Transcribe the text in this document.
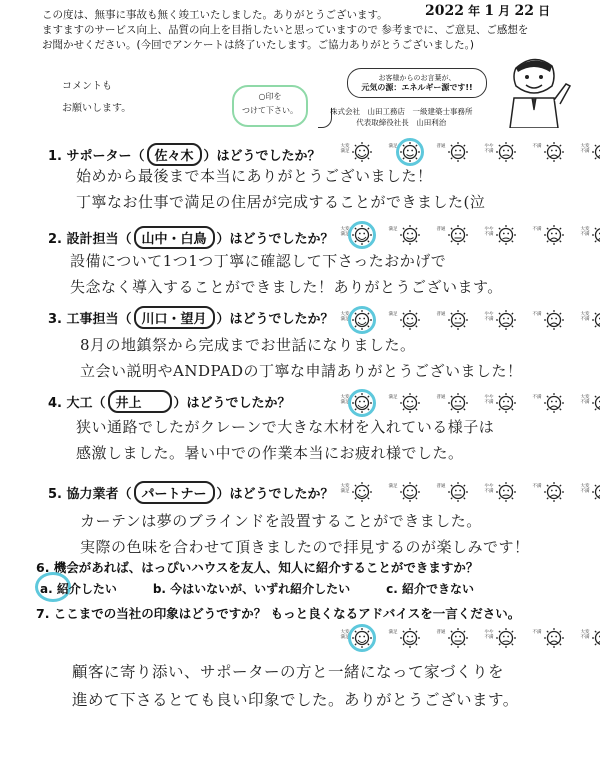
2022 年 1 月 22 日

この度は、無事に事故も無く竣工いたしました。ありがとうございます。

ますますのサービス向上、品質の向上を目指したいと思っていますので 参考までに、ご意見、ご感想を

お聞かせください。(今回でアンケートは終了いたします。ご協力ありがとうございました。)

コメントも
お願いします。
○印を
つけて下さい。
お客様からのお言葉が、
元気の源：エネルギー源です!!
株式会社　山田工務店　一級建築士事務所
代表取締役社長　山田利治
1. サポーター（ 佐々木 ）はどうでしたか？
大変満足
満足	普通	やや不満
不満	大変不満
始めから最後まで本当にありがとうございました！
丁寧なお仕事で満足の住居が完成することができました(泣
2. 設計担当（ 山中・白鳥 ）はどうでしたか？
大変満足
満足	普通	やや不満
不満	大変不満
設備について1つ1つ丁寧に確認して下さったおかげで
失念なく導入することができました！ありがとうございます。
3. 工事担当（ 川口・望月 ）はどうでしたか？ 大変満足
満足	普通	やや不満
不満	大変不満
8月の地鎮祭から完成までお世話になりました。
立会い説明やANDPADの丁寧な申請ありがとうございました！
4. 大工（ 井上 ）はどうでしたか？	大変満足
満足	普通	やや不満
不満	大変不満
狭い通路でしたがクレーンで大きな木材を入れている様子は
感激しました。暑い中での作業本当にお疲れ様でした。
5. 協力業者（ パートナー ）はどうでしたか？
大変満足
満足	普通	やや不満
不満	大変不満
カーテンは夢のブラインドを設置することができました。
実際の色味を合わせて頂きましたので拝見するのが楽しみです！
6. 機会があれば、はっぴいハウスを友人、知人に紹介することができますか？
a. 紹介したい	b. 今はいないが、いずれ紹介したい	c. 紹介できない
7. ここまでの当社の印象はどうですか？ もっと良くなるアドバイスを一言ください。
大変満足
満足	普通	やや不満
不満	大変不満
顧客に寄り添い、サポーターの方と一緒になって家づくりを
進めて下さるとても良い印象でした。ありがとうございます。
